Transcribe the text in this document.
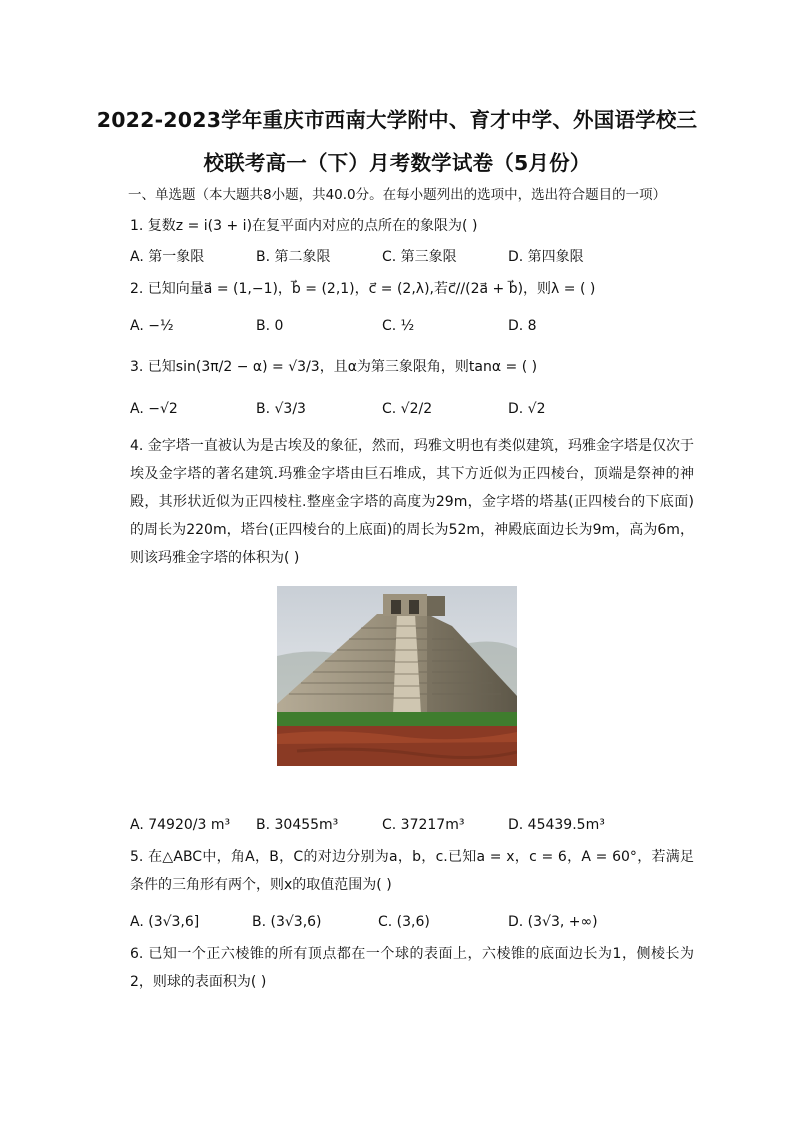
2022-2023学年重庆市西南大学附中、育才中学、外国语学校三
校联考高一（下）月考数学试卷（5月份）
一、单选题（本大题共8小题，共40.0分。在每小题列出的选项中，选出符合题目的一项）
1. 复数z = i(3 + i)在复平面内对应的点所在的象限为( )
A. 第一象限	B. 第二象限	C. 第三象限	D. 第四象限
2. 已知向量a⃗ = (1,−1)，b⃗ = (2,1)，c⃗ = (2,λ),若c⃗//(2a⃗ + b⃗)，则λ = ( )
A. −½	B. 0	C. ½	D. 8
3. 已知sin(3π/2 − α) = √3/3，且α为第三象限角，则tanα = ( )
A. −√2	B. √3/3	C. √2/2	D. √2
4. 金字塔一直被认为是古埃及的象征，然而，玛雅文明也有类似建筑，玛雅金字塔是仅次于埃及金字塔的著名建筑.玛雅金字塔由巨石堆成，其下方近似为正四棱台，顶端是祭神的神殿，其形状近似为正四棱柱.整座金字塔的高度为29m，金字塔的塔基(正四棱台的下底面)的周长为220m，塔台(正四棱台的上底面)的周长为52m，神殿底面边长为9m，高为6m，则该玛雅金字塔的体积为( )
A. 74920/3 m³ B. 30455m³	C. 37217m³	D. 45439.5m³
5. 在△ABC中，角A，B，C的对边分别为a，b，c.已知a = x，c = 6，A = 60°，若满足条件的三角形有两个，则x的取值范围为( )
A. (3√3,6]	B. (3√3,6)	C. (3,6)	D. (3√3, +∞)
6. 已知一个正六棱锥的所有顶点都在一个球的表面上，六棱锥的底面边长为1，侧棱长为2，则球的表面积为( )
